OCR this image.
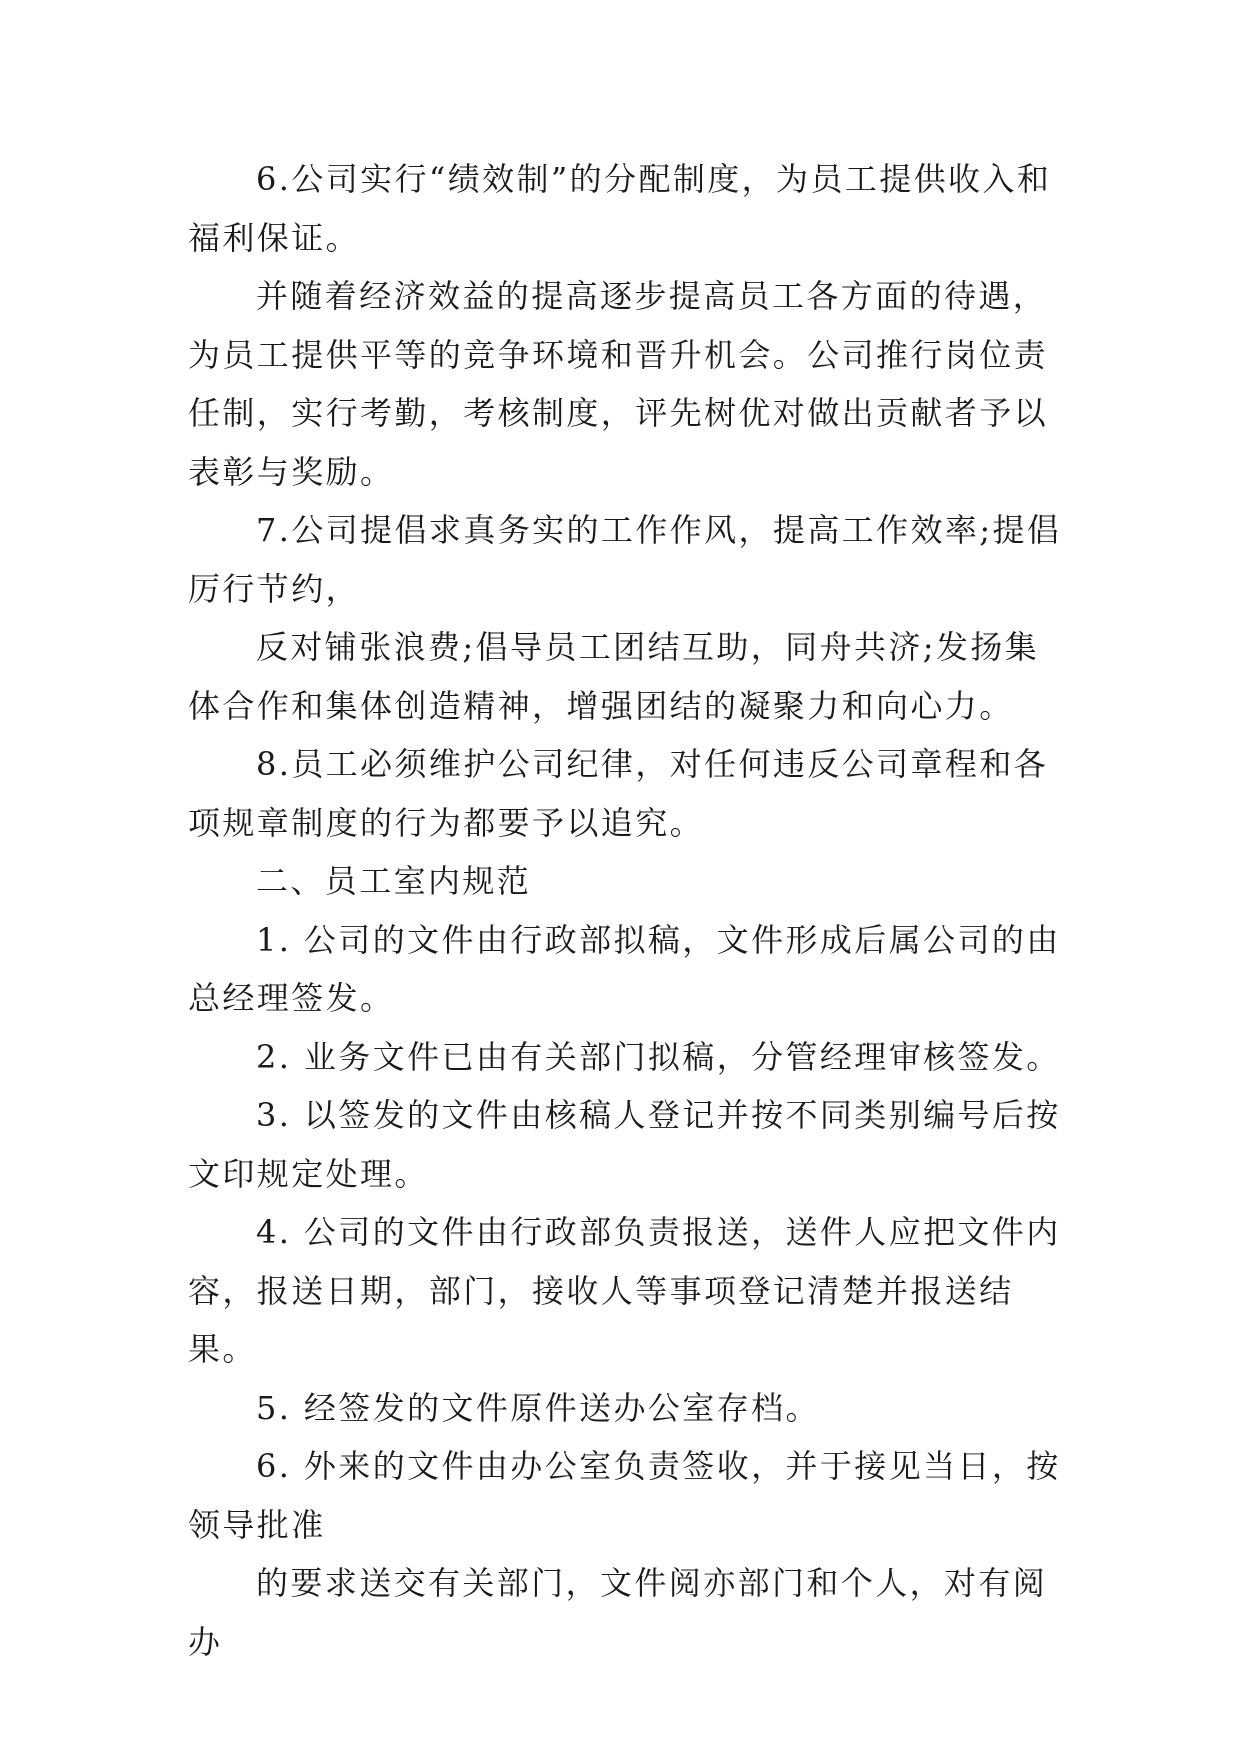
6.公司实行“绩效制”的分配制度，为员工提供收入和福利保证。

并随着经济效益的提高逐步提高员工各方面的待遇，为员工提供平等的竞争环境和晋升机会。公司推行岗位责任制，实行考勤，考核制度，评先树优对做出贡献者予以表彰与奖励。

7.公司提倡求真务实的工作作风，提高工作效率;提倡厉行节约，

反对铺张浪费;倡导员工团结互助，同舟共济;发扬集体合作和集体创造精神，增强团结的凝聚力和向心力。

8.员工必须维护公司纪律，对任何违反公司章程和各项规章制度的行为都要予以追究。

二、员工室内规范

1. 公司的文件由行政部拟稿，文件形成后属公司的由总经理签发。

2. 业务文件已由有关部门拟稿，分管经理审核签发。

3. 以签发的文件由核稿人登记并按不同类别编号后按文印规定处理。

4. 公司的文件由行政部负责报送，送件人应把文件内容，报送日期，部门，接收人等事项登记清楚并报送结果。

5. 经签发的文件原件送办公室存档。

6. 外来的文件由办公室负责签收，并于接见当日，按领导批准

的要求送交有关部门，文件阅亦部门和个人，对有阅办
